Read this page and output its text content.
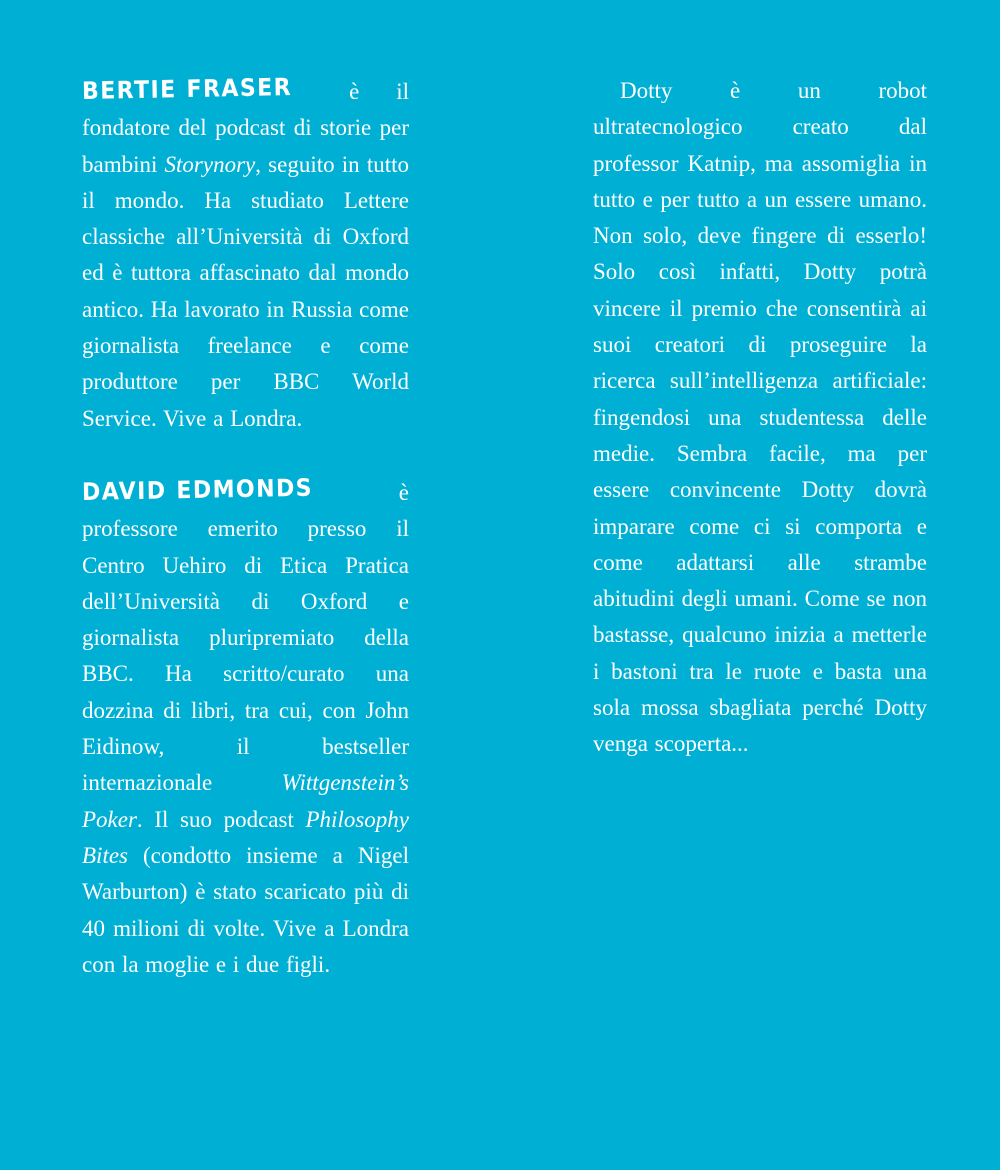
BERTIE FRASER è il fondatore del podcast di storie per bambini Storynory, seguito in tutto il mondo. Ha studiato Lettere classiche all’Università di Oxford ed è tuttora affascinato dal mondo antico. Ha lavorato in Russia come giornalista freelance e come produttore per BBC World Service. Vive a Londra.

DAVID EDMONDS è professore emerito presso il Centro Uehiro di Etica Pratica dell’Università di Oxford e giornalista pluripremiato della BBC. Ha scritto/curato una dozzina di libri, tra cui, con John Eidinow, il bestseller internazionale Wittgenstein’s Poker. Il suo podcast Philosophy Bites (condotto insieme a Nigel Warburton) è stato scaricato più di 40 milioni di volte. Vive a Londra con la moglie e i due figli.

Dotty è un robot ultratecnologico creato dal professor Katnip, ma assomiglia in tutto e per tutto a un essere umano. Non solo, deve fingere di esserlo! Solo così infatti, Dotty potrà vincere il premio che consentirà ai suoi creatori di proseguire la ricerca sull’intelligenza artificiale: fingendosi una studentessa delle medie. Sembra facile, ma per essere convincente Dotty dovrà imparare come ci si comporta e come adattarsi alle strambe abitudini degli umani. Come se non bastasse, qualcuno inizia a metterle i bastoni tra le ruote e basta una sola mossa sbagliata perché Dotty venga scoperta...
